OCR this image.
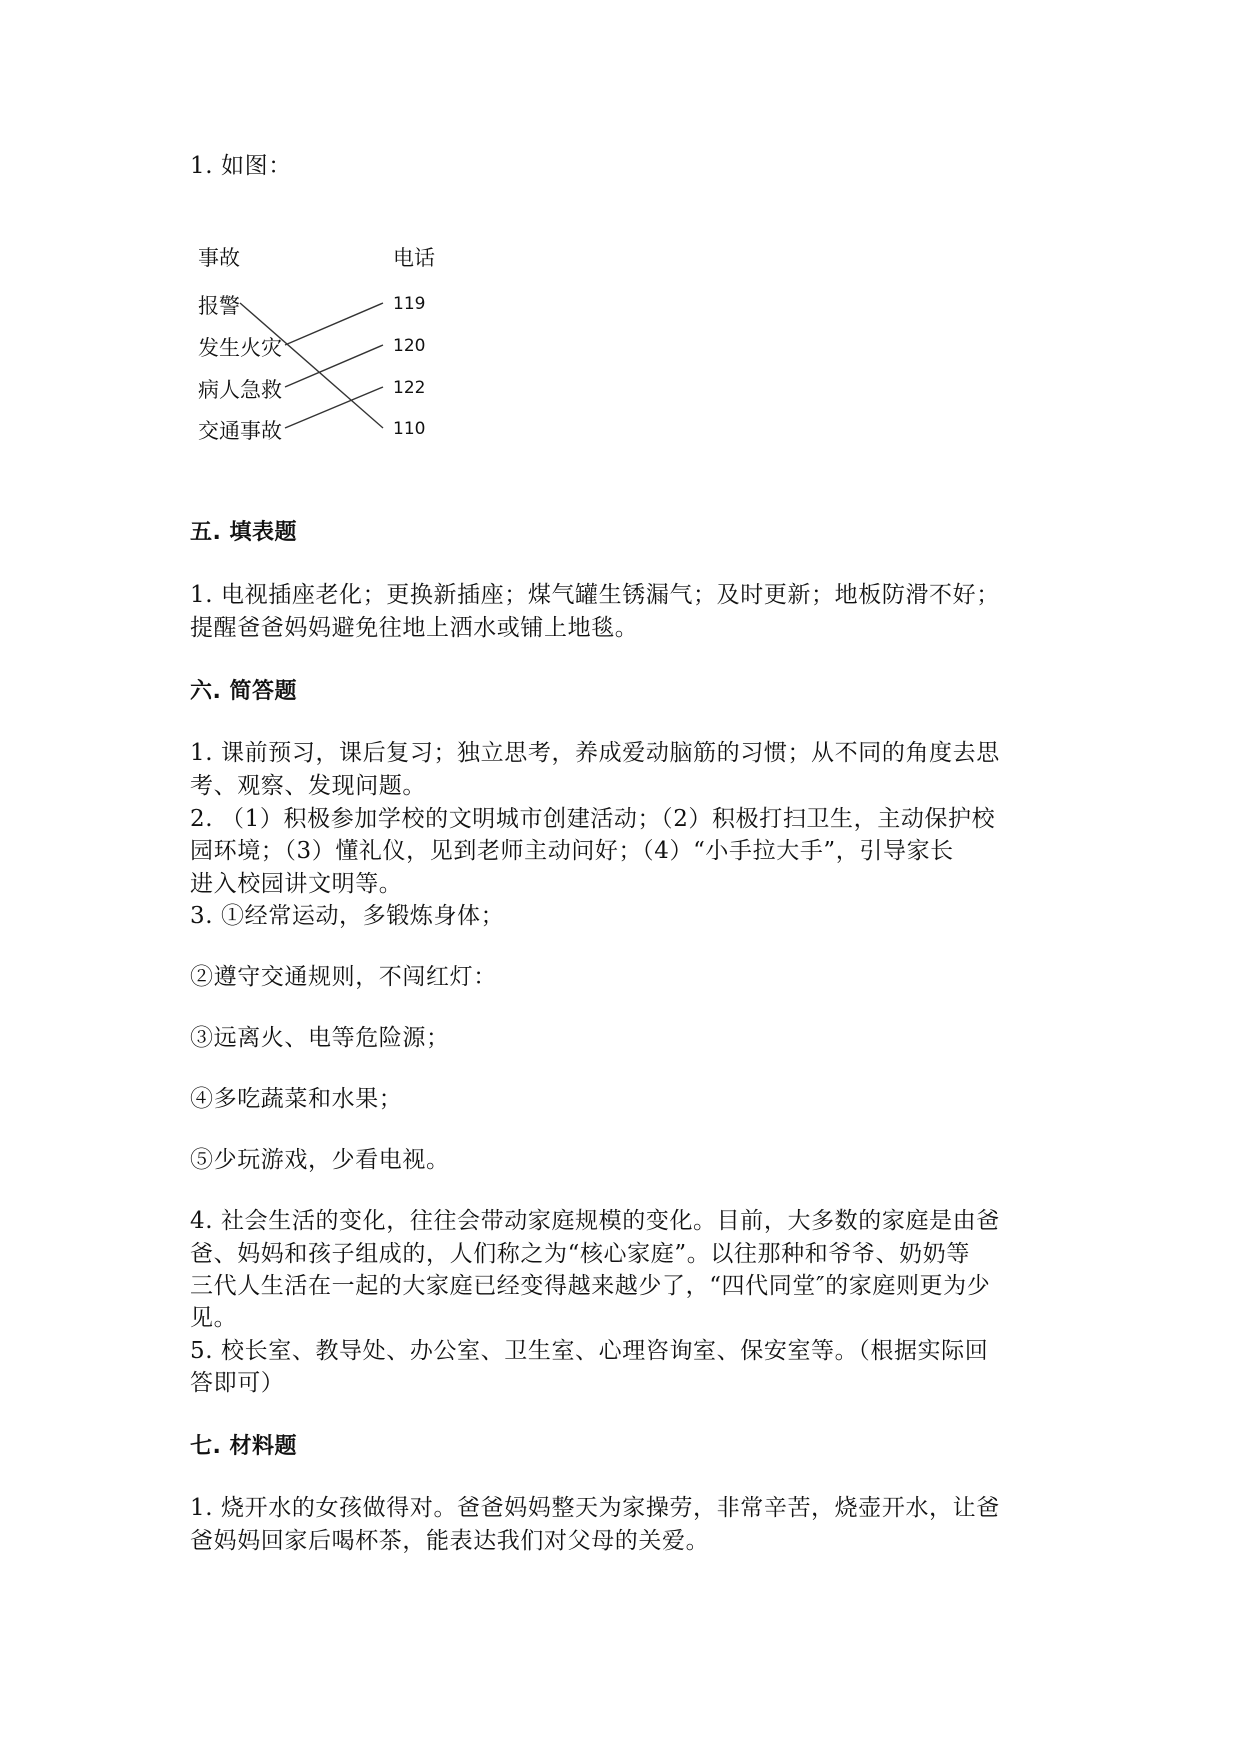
1. 如图：
事故	电话
报警
发生火灾
病人急救
交通事故
119
120
122
110
五. 填表题
1. 电视插座老化；更换新插座；煤气罐生锈漏气；及时更新；地板防滑不好；
提醒爸爸妈妈避免往地上洒水或铺上地毯。
六. 简答题
1. 课前预习，课后复习；独立思考，养成爱动脑筋的习惯；从不同的角度去思
考、观察、发现问题。
2. （1）积极参加学校的文明城市创建活动；（2）积极打扫卫生，主动保护校
园环境；（3）懂礼仪，见到老师主动问好；（4）“小手拉大手”，引导家长
进入校园讲文明等。
3. ①经常运动，多锻炼身体；
②遵守交通规则，不闯红灯：
③远离火、电等危险源；
④多吃蔬菜和水果；
⑤少玩游戏，少看电视。
4. 社会生活的变化，往往会带动家庭规模的变化。目前，大多数的家庭是由爸
爸、妈妈和孩子组成的，人们称之为“核心家庭”。以往那种和爷爷、奶奶等
三代人生活在一起的大家庭已经变得越来越少了，“四代同堂″的家庭则更为少
见。
5. 校长室、教导处、办公室、卫生室、心理咨询室、保安室等。（根据实际回
答即可）
七. 材料题
1. 烧开水的女孩做得对。爸爸妈妈整天为家操劳，非常辛苦，烧壶开水，让爸
爸妈妈回家后喝杯茶，能表达我们对父母的关爱。
